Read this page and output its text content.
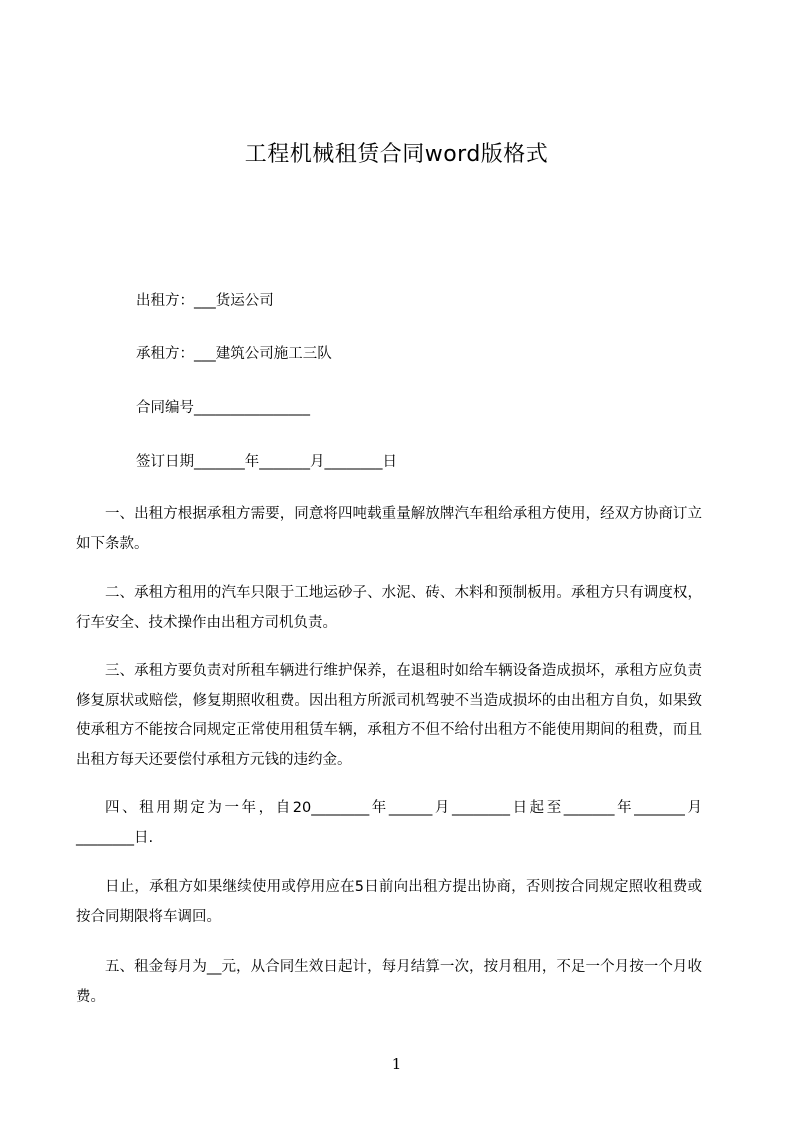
工程机械租赁合同word版格式
出租方：___货运公司
承租方：___建筑公司施工三队
合同编号________________
签订日期_______年_______月________日
一、出租方根据承租方需要，同意将四吨载重量解放牌汽车租给承租方使用，经双方协商订立如下条款。
二、承租方租用的汽车只限于工地运砂子、水泥、砖、木料和预制板用。承租方只有调度权，行车安全、技术操作由出租方司机负责。
三、承租方要负责对所租车辆进行维护保养，在退租时如给车辆设备造成损坏，承租方应负责修复原状或赔偿，修复期照收租费。因出租方所派司机驾驶不当造成损坏的由出租方自负，如果致使承租方不能按合同规定正常使用租赁车辆，承租方不但不给付出租方不能使用期间的租费，而且出租方每天还要偿付承租方元钱的违约金。
四、租用期定为一年，自20________年______月________日起至_______年_______月________日.
日止，承租方如果继续使用或停用应在5日前向出租方提出协商，否则按合同规定照收租费或按合同期限将车调回。
五、租金每月为__元，从合同生效日起计，每月结算一次，按月租用，不足一个月按一个月收费。
1
